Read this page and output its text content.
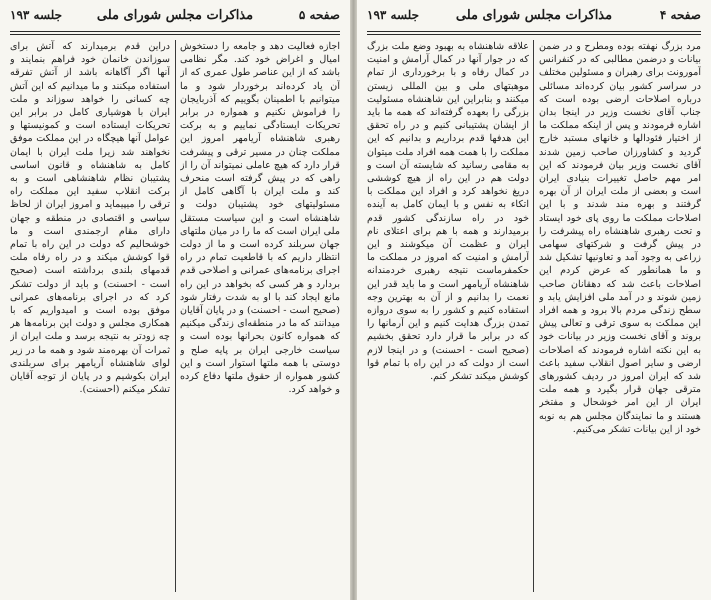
صفحه ۵
مذاکرات مجلس شورای ملی
جلسه ۱۹۳

اجازه فعالیت دهد و جامعه را دستخوش امیال و اغراض خود کند. مگر نظامی باشد که از این عناصر طول عمری که از آن یاد کرده‌اند برخوردار شود و ما میتوانیم با اطمینان بگوییم که آذربایجان را فراموش نکنیم و همواره در برابر تحریکات ایستادگی نماییم و به برکت رهبری شاهنشاه آریامهر امروز این مملکت چنان در مسیر ترقی و پیشرفت قرار دارد که هیچ عاملی نمیتواند آن را از راهی که در پیش گرفته است منحرف کند و ملت ایران با آگاهی کامل از مسئولیتهای خود پشتیبان دولت و شاهنشاه است و این سیاست مستقل ملی ایران است که ما را در میان ملتهای جهان سربلند کرده است و ما از دولت انتظار داریم که با قاطعیت تمام در راه اجرای برنامه‌های عمرانی و اصلاحی قدم بردارد و هر کسی که بخواهد در این راه مانع ایجاد کند با او به شدت رفتار شود (صحیح است - احسنت) و در پایان آقایان میدانند که ما در منطقه‌ای زندگی میکنیم که همواره کانون بحرانها بوده است و سیاست خارجی ایران بر پایه صلح و دوستی با همه ملتها استوار است و این کشور همواره از حقوق ملتها دفاع کرده و خواهد کرد.

دراین قدم برمیدارند که آتش برای سوزاندن خانمان خود فراهم بنمایند و آنها اگر آگاهانه باشد از آتش تفرقه استفاده میکنند و ما میدانیم که این آتش چه کسانی را خواهد سوزاند و ملت ایران با هوشیاری کامل در برابر این تحریکات ایستاده است و کمونیستها و عوامل آنها هیچگاه در این مملکت موفق نخواهند شد زیرا ملت ایران با ایمان کامل به شاهنشاه و قانون اساسی پشتیبان نظام شاهنشاهی است و به برکت انقلاب سفید این مملکت راه ترقی را میپیماید و امروز ایران از لحاظ سیاسی و اقتصادی در منطقه و جهان دارای مقام ارجمندی است و ما خوشحالیم که دولت در این راه با تمام قوا کوشش میکند و در راه رفاه ملت قدمهای بلندی برداشته است (صحیح است - احسنت) و باید از دولت تشکر کرد که در اجرای برنامه‌های عمرانی موفق بوده است و امیدواریم که با همکاری مجلس و دولت این برنامه‌ها هر چه زودتر به نتیجه برسد و ملت ایران از ثمرات آن بهره‌مند شود و همه ما در زیر لوای شاهنشاه آریامهر برای سربلندی ایران بکوشیم و در پایان از توجه آقایان تشکر میکنم (احسنت).

صفحه ۴
مذاکرات مجلس شورای ملی
جلسه ۱۹۳

مرد بزرگ نهفته بوده ومطرح و در ضمن بیانات و درضمن مطالبی که در کنفرانس آمورونت برای رهبران و مسئولین مختلف در سراسر کشور بیان کرده‌اند مسائلی درباره اصلاحات ارضی بوده است که جناب آقای نخست وزیر در اینجا بدان اشاره فرمودند و پس از اینکه مملکت ما از اختیار فئودالها و خانهای مستبد خارج گردید و کشاورزان صاحب زمین شدند آقای نخست وزیر بیان فرمودند که این امر مهم حاصل تغییرات بنیادی ایران است و بعضی از ملت ایران از آن بهره گرفتند و بهره مند شدند و با این اصلاحات مملکت ما روی پای خود ایستاد و تحت رهبری شاهنشاه راه پیشرفت را در پیش گرفت و شرکتهای سهامی زراعی به وجود آمد و تعاونیها تشکیل شد و ما همانطور که عرض کردم این اصلاحات باعث شد که دهقانان صاحب زمین شوند و در آمد ملی افزایش یابد و سطح زندگی مردم بالا برود و همه افراد این مملکت به سوی ترقی و تعالی پیش بروند و آقای نخست وزیر در بیانات خود به این نکته اشاره فرمودند که اصلاحات ارضی و سایر اصول انقلاب سفید باعث شد که ایران امروز در ردیف کشورهای مترقی جهان قرار بگیرد و همه ملت ایران از این امر خوشحال و مفتخر هستند و ما نمایندگان مجلس هم به نوبه خود از این بیانات تشکر می‌کنیم.

علاقه شاهنشاه به بهبود وضع ملت بزرگ که در جوار آنها در کمال آرامش و امنیت در کمال رفاه و با برخورداری از تمام موهبتهای ملی و بین المللی زیستن میکنند و بنابراین این شاهنشاه مسئولیت بزرگی را بعهده گرفته‌اند که همه ما باید از ایشان پشتیبانی کنیم و در راه تحقق این هدفها قدم برداریم و بدانیم که این مملکت را با همت همه افراد ملت میتوان به مقامی رسانید که شایسته آن است و دولت هم در این راه از هیچ کوششی دریغ نخواهد کرد و افراد این مملکت با اتکاء به نفس و با ایمان کامل به آینده خود در راه سازندگی کشور قدم برمیدارند و همه با هم برای اعتلای نام ایران و عظمت آن میکوشند و این آرامش و امنیت که امروز در مملکت ما حکمفرماست نتیجه رهبری خردمندانه شاهنشاه آریامهر است و ما باید قدر این نعمت را بدانیم و از آن به بهترین وجه استفاده کنیم و کشور را به سوی دروازه تمدن بزرگ هدایت کنیم و این آرمانها را که در برابر ما قرار دارد تحقق بخشیم (صحیح است - احسنت) و در اینجا لازم است از دولت که در این راه با تمام قوا کوشش میکند تشکر کنم.
